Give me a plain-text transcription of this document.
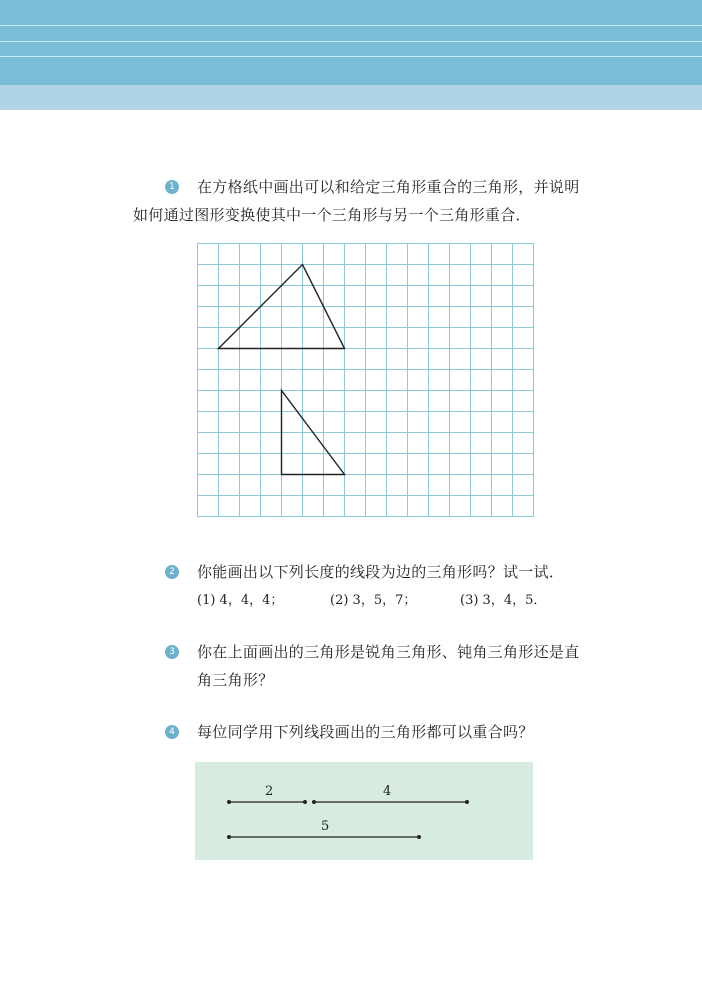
1 在方格纸中画出可以和给定三角形重合的三角形，并说明
如何通过图形变换使其中一个三角形与另一个三角形重合．
2 你能画出以下列长度的线段为边的三角形吗？试一试．
(1) 4，4，4；	(2) 3，5，7；	(3) 3，4，5．
3 你在上面画出的三角形是锐角三角形、钝角三角形还是直
角三角形？
4 每位同学用下列线段画出的三角形都可以重合吗？
2	4
5
